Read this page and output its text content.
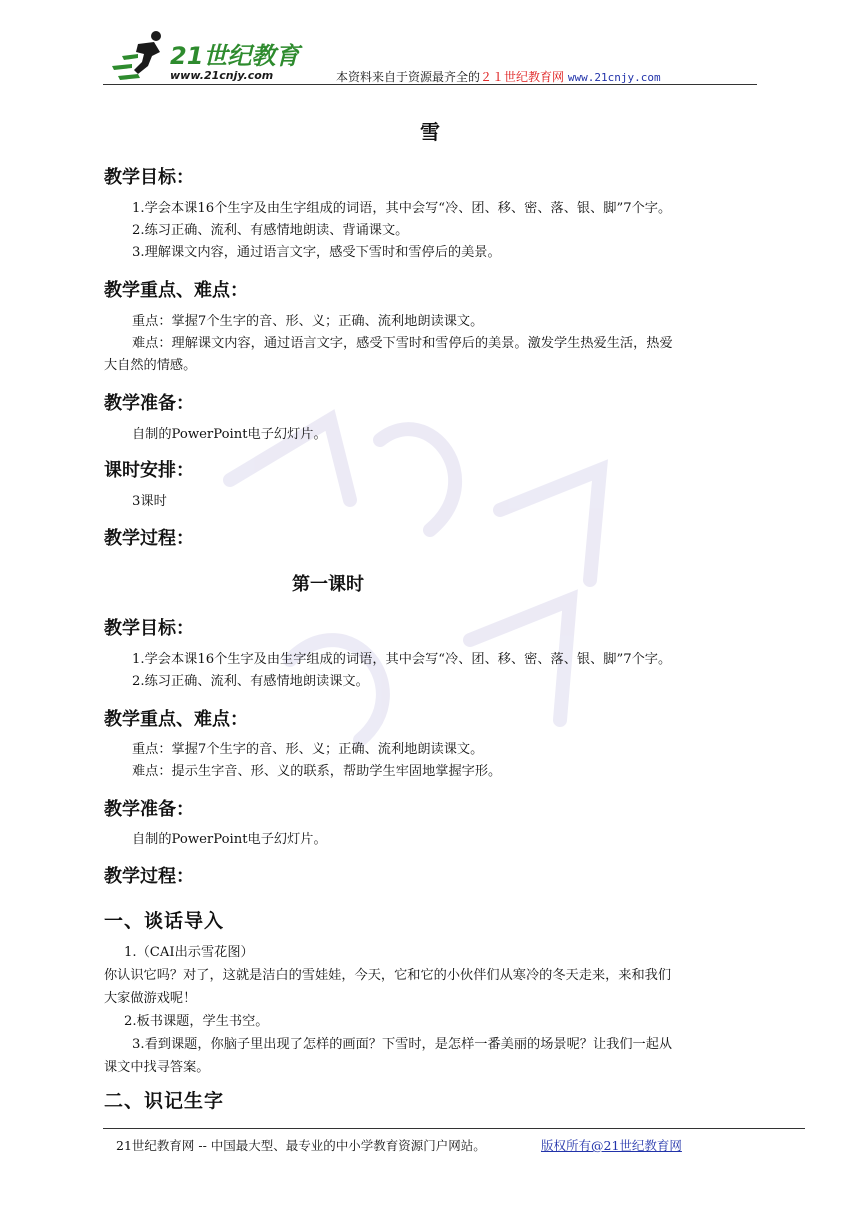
21世纪教育
www.21cnjy.com	本资料来自于资源最齐全的２１世纪教育网 www.21cnjy.com
雪
教学目标：
1.学会本课16个生字及由生字组成的词语，其中会写“冷、团、移、密、落、银、脚”7个字。
2.练习正确、流利、有感情地朗读、背诵课文。
3.理解课文内容，通过语言文字，感受下雪时和雪停后的美景。
教学重点、难点：
重点：掌握7个生字的音、形、义；正确、流利地朗读课文。
难点：理解课文内容，通过语言文字，感受下雪时和雪停后的美景。激发学生热爱生活，热爱
大自然的情感。
教学准备：
自制的PowerPoint电子幻灯片。
课时安排：
3课时
教学过程：
第一课时
教学目标：
1.学会本课16个生字及由生字组成的词语，其中会写“冷、团、移、密、落、银、脚”7个字。
2.练习正确、流利、有感情地朗读课文。
教学重点、难点：
重点：掌握7个生字的音、形、义；正确、流利地朗读课文。
难点：提示生字音、形、义的联系，帮助学生牢固地掌握字形。
教学准备：
自制的PowerPoint电子幻灯片。
教学过程：
一、谈话导入
1.（CAI出示雪花图）
你认识它吗？对了，这就是洁白的雪娃娃，今天，它和它的小伙伴们从寒冷的冬天走来，来和我们
大家做游戏呢！
2.板书课题，学生书空。
3.看到课题，你脑子里出现了怎样的画面？下雪时，是怎样一番美丽的场景呢？让我们一起从
课文中找寻答案。
二、识记生字
21世纪教育网 -- 中国最大型、最专业的中小学教育资源门户网站。	版权所有@21世纪教育网
